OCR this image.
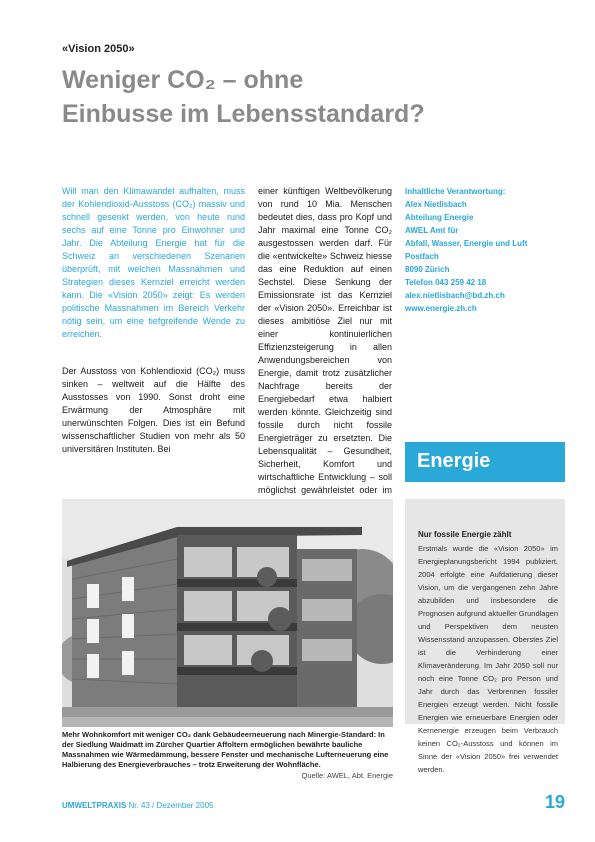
«Vision 2050»
Weniger CO₂ – ohne
Einbusse im Lebensstandard?
Will man den Klimawandel aufhalten, muss der Kohlendioxid-Ausstoss (CO₂) massiv und schnell gesenkt werden, von heute rund sechs auf eine Tonne pro Einwohner und Jahr. Die Abteilung Energie hat für die Schweiz an verschiedenen Szenarien überprüft, mit welchen Massnahmen und Strategien dieses Kernziel erreicht werden kann. Die «Vision 2050» zeigt: Es werden politische Massnahmen im Bereich Verkehr nötig sein, um eine tiefgreifende Wende zu erreichen.
Der Ausstoss von Kohlendioxid (CO₂) muss sinken – weltweit auf die Hälfte des Ausstosses von 1990. Sonst droht eine Erwärmung der Atmosphäre mit unerwünschten Folgen. Dies ist ein Befund wissenschaftlicher Studien von mehr als 50 universitären Instituten. Bei
einer künftigen Weltbevölkerung von rund 10 Mia. Menschen bedeutet dies, dass pro Kopf und Jahr maximal eine Tonne CO₂ ausgestossen werden darf. Für die «entwickelte» Schweiz hiesse das eine Reduktion auf einen Sechstel. Diese Senkung der Emissionsrate ist das Kernziel der «Vision 2050». Erreichbar ist dieses ambitiöse Ziel nur mit einer kontinuierlichen Effizienzsteigerung in allen Anwendungsbereichen von Energie, damit trotz zusätzlicher Nachfrage bereits der Energiebedarf etwa halbiert werden könnte. Gleichzeitig sind fossile durch nicht fossile Energieträger zu ersetzten. Die Lebensqualität – Gesundheit, Sicherheit, Komfort und wirtschaftliche Entwicklung – soll möglichst gewährleistet oder im
Inhaltliche Verantwortung:
Alex Nietlisbach
Abteilung Energie
AWEL Amt für
Abfall, Wasser, Energie und Luft
Postfach
8090 Zürich
Telefon 043 259 42 18
alex.nietlisbach@bd.zh.ch
www.energie.zh.ch
Energie
Mehr Wohnkomfort mit weniger CO₂ dank Gebäudeerneuerung nach Minergie-Standard: In der Siedlung Waidmatt im Zürcher Quartier Affoltern ermöglichen bewährte bauliche Massnahmen wie Wärmedämmung, bessere Fenster und mechanische Lufterneuerung eine Halbierung des Energieverbrauches – trotz Erweiterung der Wohnfläche.
Quelle: AWEL, Abt. Energie
Nur fossile Energie zählt
Erstmals wurde die «Vision 2050» im Energieplanungsbericht 1994 publiziert. 2004 erfolgte eine Aufdatierung dieser Vision, um die vergangenen zehn Jahre abzubilden und insbesondere die Prognosen aufgrund aktueller Grundlagen und Perspektiven dem neusten Wissensstand anzupassen. Oberstes Ziel ist die Verhinderung einer Klimaveränderung. Im Jahr 2050 soll nur noch eine Tonne CO₂ pro Person und Jahr durch das Verbrennen fossiler Energien erzeugt werden. Nicht fossile Energien wie erneuerbare Energien oder Kernenergie erzeugen beim Verbrauch keinen CO₂-Ausstoss und können im Sinne der «Vision 2050» frei verwendet werden.
UMWELTPRAXIS Nr. 43 / Dezember 2005	19
